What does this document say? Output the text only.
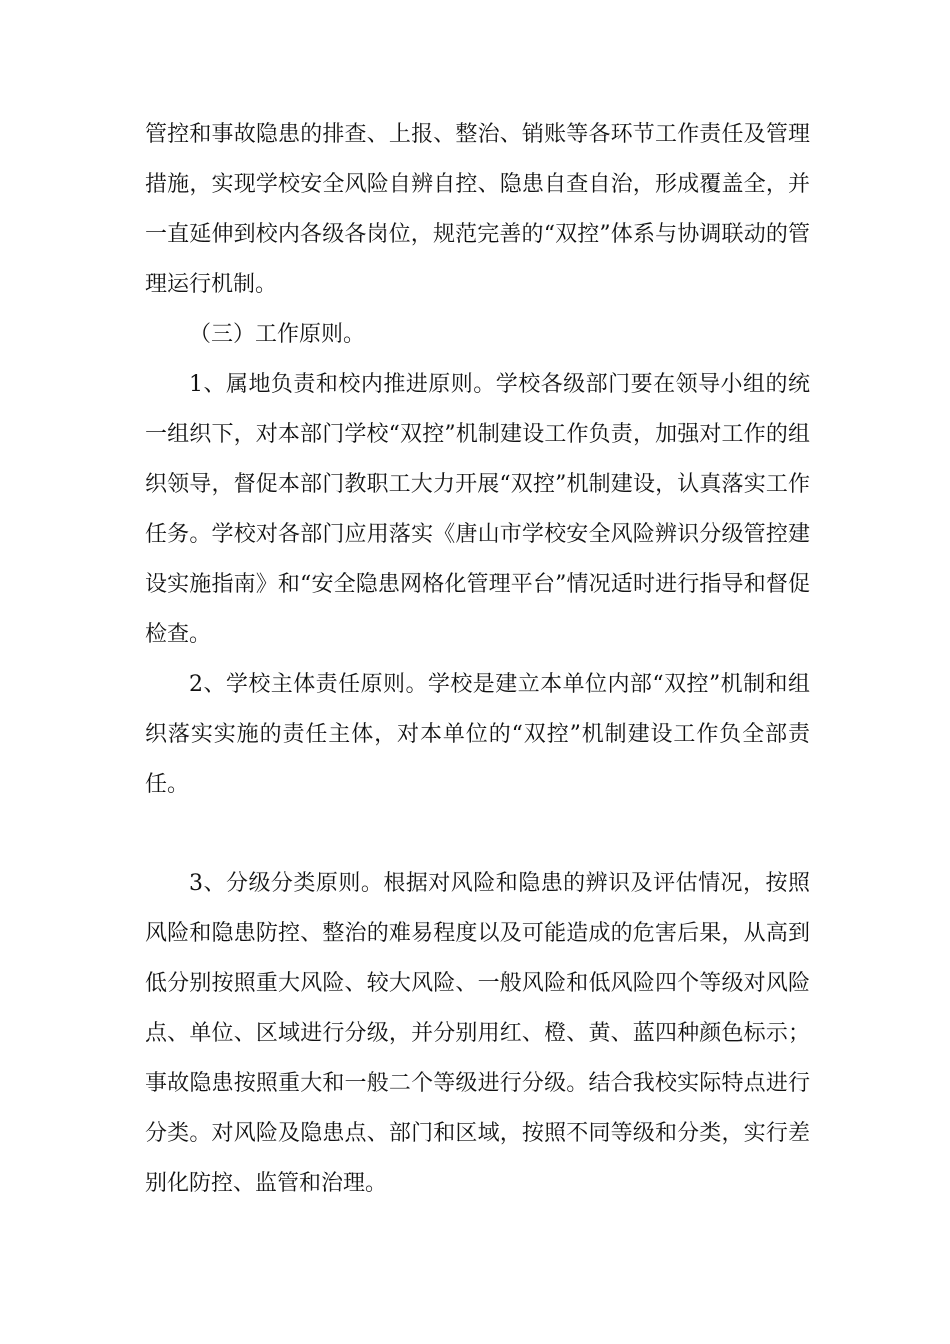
管控和事故隐患的排查、上报、整治、销账等各环节工作责任及管理措施，实现学校安全风险自辨自控、隐患自查自治，形成覆盖全，并一直延伸到校内各级各岗位，规范完善的“双控”体系与协调联动的管理运行机制。

（三）工作原则。

1、属地负责和校内推进原则。学校各级部门要在领导小组的统一组织下，对本部门学校“双控”机制建设工作负责，加强对工作的组织领导，督促本部门教职工大力开展“双控”机制建设，认真落实工作任务。学校对各部门应用落实《唐山市学校安全风险辨识分级管控建设实施指南》和“安全隐患网格化管理平台”情况适时进行指导和督促检查。

2、学校主体责任原则。学校是建立本单位内部“双控”机制和组织落实实施的责任主体，对本单位的“双控”机制建设工作负全部责任。

3、分级分类原则。根据对风险和隐患的辨识及评估情况，按照风险和隐患防控、整治的难易程度以及可能造成的危害后果，从高到低分别按照重大风险、较大风险、一般风险和低风险四个等级对风险点、单位、区域进行分级，并分别用红、橙、黄、蓝四种颜色标示；事故隐患按照重大和一般二个等级进行分级。结合我校实际特点进行分类。对风险及隐患点、部门和区域，按照不同等级和分类，实行差别化防控、监管和治理。
